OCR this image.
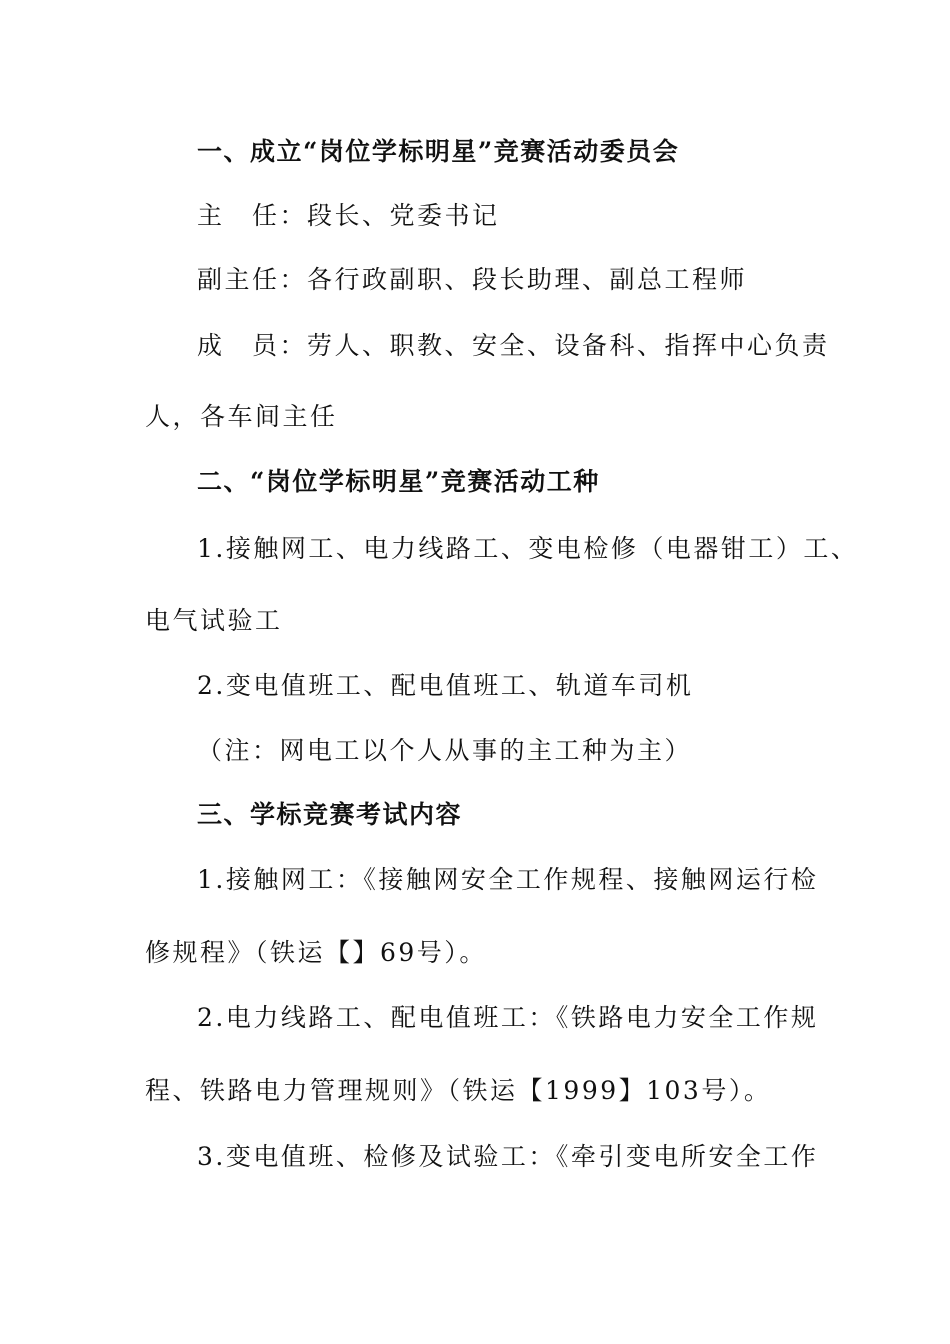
一、成立“岗位学标明星”竞赛活动委员会
主　任：段长、党委书记
副主任：各行政副职、段长助理、副总工程师
成　员：劳人、职教、安全、设备科、指挥中心负责
人，各车间主任
二、“岗位学标明星”竞赛活动工种
1.接触网工、电力线路工、变电检修（电器钳工）工、
电气试验工
2.变电值班工、配电值班工、轨道车司机
（注：网电工以个人从事的主工种为主）
三、学标竞赛考试内容
1.接触网工：《接触网安全工作规程、接触网运行检
修规程》（铁运【】69号）。
2.电力线路工、配电值班工：《铁路电力安全工作规
程、铁路电力管理规则》（铁运【1999】103号）。
3.变电值班、检修及试验工：《牵引变电所安全工作
